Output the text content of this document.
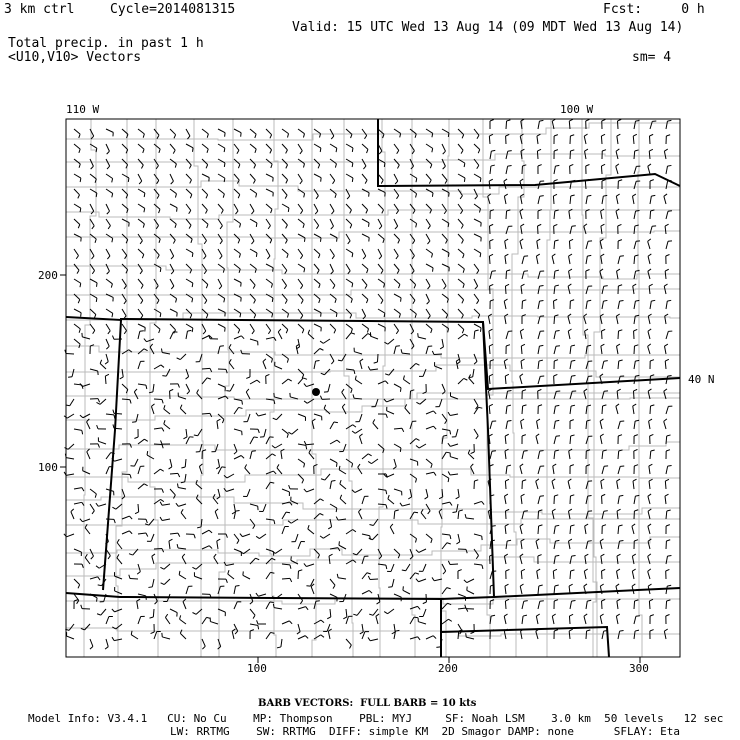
3 km ctrl	Cycle=2014081315	Fcst:     0 h
Valid: 15 UTC Wed 13 Aug 14 (09 MDT Wed 13 Aug 14)
Total precip. in past 1 h
<U10,V10> Vectors	sm= 4
110 W	100 W
40 N
200
100
100	200	300
BARB VECTORS:  FULL BARB = 10 kts
Model Info: V3.4.1   CU: No Cu    MP: Thompson    PBL: MYJ     SF: Noah LSM    3.0 km  50 levels   12 sec
LW: RRTMG    SW: RRTMG  DIFF: simple KM  2D Smagor DAMP: none      SFLAY: Eta
